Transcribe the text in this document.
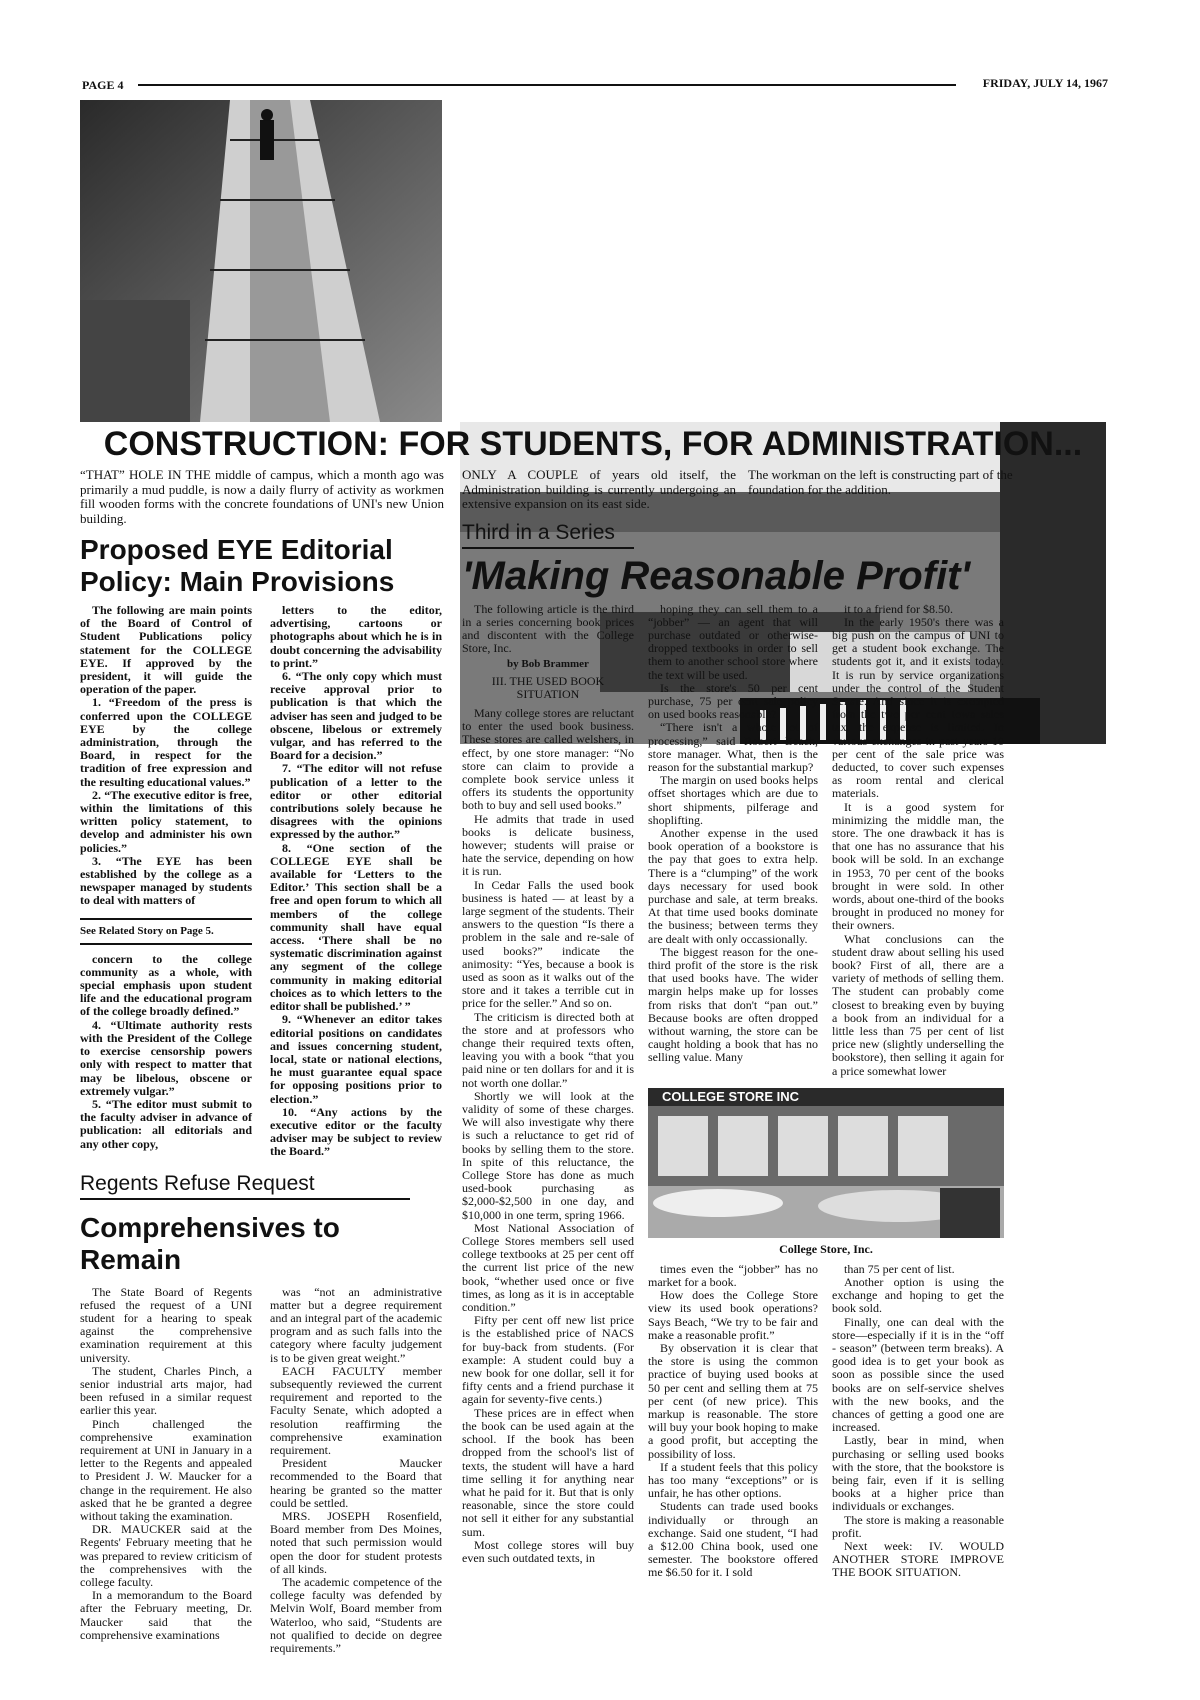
PAGE 4	FRIDAY, JULY 14, 1967
CONSTRUCTION: FOR STUDENTS, FOR ADMINISTRATION...
“THAT” HOLE IN THE middle of campus, which a month ago was primarily a mud puddle, is now a daily flurry of activity as workmen fill wooden forms with the concrete foundations of UNI's new Union building.
Proposed EYE Editorial Policy: Main Provisions

The following are main points of the Board of Control of Student Publications policy statement for the COLLEGE EYE. If approved by the president, it will guide the operation of the paper.

1. “Freedom of the press is conferred upon the COLLEGE EYE by the college administration, through the Board, in respect for the tradition of free expression and the resulting educational values.”

2. “The executive editor is free, within the limitations of this written policy statement, to develop and administer his own policies.”

3. “The EYE has been established by the college as a newspaper managed by students to deal with matters of

See Related Story on Page 5.

concern to the college community as a whole, with special emphasis upon student life and the educational program of the college broadly defined.”

4. “Ultimate authority rests with the President of the College to exercise censorship powers only with respect to matter that may be libelous, obscene or extremely vulgar.”

5. “The editor must submit to the faculty adviser in advance of publication: all editorials and any other copy,

letters to the editor, advertising, cartoons or photographs about which he is in doubt concerning the advisability to print.”

6. “The only copy which must receive approval prior to publication is that which the adviser has seen and judged to be obscene, libelous or extremely vulgar, and has referred to the Board for a decision.”

7. “The editor will not refuse publication of a letter to the editor or other editorial contributions solely because he disagrees with the opinions expressed by the author.”

8. “One section of the COLLEGE EYE shall be available for ‘Letters to the Editor.’ This section shall be a free and open forum to which all members of the college community shall have equal access. ‘There shall be no systematic discrimination against any segment of the college community in making editorial choices as to which letters to the editor shall be published.’ ”

9. “Whenever an editor takes editorial positions on candidates and issues concerning student, local, state or national elections, he must guarantee equal space for opposing positions prior to election.”

10. “Any actions by the executive editor or the faculty adviser may be subject to review the Board.”

Regents Refuse Request
Comprehensives to Remain

The State Board of Regents refused the request of a UNI student for a hearing to speak against the comprehensive examination requirement at this university.

The student, Charles Pinch, a senior industrial arts major, had been refused in a similar request earlier this year.

Pinch challenged the comprehensive examination requirement at UNI in January in a letter to the Regents and appealed to President J. W. Maucker for a change in the requirement. He also asked that he be granted a degree without taking the examination.

DR. MAUCKER said at the Regents' February meeting that he was prepared to review criticism of the comprehensives with the college faculty.

In a memorandum to the Board after the February meeting, Dr. Maucker said that the comprehensive examinations

was “not an administrative matter but a degree requirement and an integral part of the academic program and as such falls into the category where faculty judgement is to be given great weight.”

EACH FACULTY member subsequently reviewed the current requirement and reported to the Faculty Senate, which adopted a resolution reaffirming the comprehensive examination requirement.

President Maucker recommended to the Board that hearing be granted so the matter could be settled.

MRS. JOSEPH Rosenfield, Board member from Des Moines, noted that such permission would open the door for student protests of all kinds.

The academic competence of the college faculty was defended by Melvin Wolf, Board member from Waterloo, who said, “Students are not qualified to decide on degree requirements.”

ONLY A COUPLE of years old itself, the Administration building is currently undergoing an extensive expansion on its east side.
The workman on the left is constructing part of the foundation for the addition.
Third in a Series
'Making Reasonable Profit'

The following article is the third in a series concerning book prices and discontent with the College Store, Inc.

by Bob Brammer
III. THE USED BOOK SITUATION

Many college stores are reluctant to enter the used book business. These stores are called welshers, in effect, by one store manager: “No store can claim to provide a complete book service unless it offers its students the opportunity both to buy and sell used books.”

He admits that trade in used books is delicate business, however; students will praise or hate the service, depending on how it is run.

In Cedar Falls the used book business is hated — at least by a large segment of the students. Their answers to the question “Is there a problem in the sale and re-sale of used books?” indicate the animosity: “Yes, because a book is used as soon as it walks out of the store and it takes a terrible cut in price for the seller.” And so on.

The criticism is directed both at the store and at professors who change their required texts often, leaving you with a book “that you paid nine or ten dollars for and it is not worth one dollar.”

Shortly we will look at the validity of some of these charges. We will also investigate why there is such a reluctance to get rid of books by selling them to the store. In spite of this reluctance, the College Store has done as much used-book purchasing as $2,000-$2,500 in one day, and $10,000 in one term, spring 1966.

Most National Association of College Stores members sell used college textbooks at 25 per cent off the current list price of the new book, “whether used once or five times, as long as it is in acceptable condition.”

Fifty per cent off new list price is the established price of NACS for buy-back from students. (For example: A student could buy a new book for one dollar, sell it for fifty cents and a friend purchase it again for seventy-five cents.)

These prices are in effect when the book can be used again at the school. If the book has been dropped from the school's list of texts, the student will have a hard time selling it for anything near what he paid for it. But that is only reasonable, since the store could not sell it either for any substantial sum.

Most college stores will buy even such outdated texts, in

hoping they can sell them to a “jobber” — an agent that will purchase outdated or otherwise-dropped textbooks in order to sell them to another school store where the text will be used.

Is the store's 50 per cent purchase, 75 per cent sale policy on used books reasonable?

“There isn't a whole lot of processing,” said Robert Beach, store manager. What, then is the reason for the substantial markup?

The margin on used books helps offset shortages which are due to short shipments, pilferage and shoplifting.

Another expense in the used book operation of a bookstore is the pay that goes to extra help. There is a “clumping” of the work days necessary for used book purchase and sale, at term breaks. At that time used books dominate the business; between terms they are dealt with only occassionally.

The biggest reason for the one-third profit of the store is the risk that used books have. The wider margin helps make up for losses from risks that don't “pan out.” Because books are often dropped without warning, the store can be caught holding a book that has no selling value. Many

it to a friend for $8.50.

In the early 1950's there was a big push on the campus of UNI to get a student book exchange. The students got it, and it exists today. It is run by service organizations under the control of the Student Senate. And since it is exempted from the two per cent Iowa sales tax, the expense is limited. In various exchanges in past years 10 per cent of the sale price was deducted, to cover such expenses as room rental and clerical materials.

It is a good system for minimizing the middle man, the store. The one drawback it has is that one has no assurance that his book will be sold. In an exchange in 1953, 70 per cent of the books brought in were sold. In other words, about one-third of the books brought in produced no money for their owners.

What conclusions can the student draw about selling his used book? First of all, there are a variety of methods of selling them. The student can probably come closest to breaking even by buying a book from an individual for a little less than 75 per cent of list price new (slightly underselling the bookstore), then selling it again for a price somewhat lower

COLLEGE STORE INC
College Store, Inc.

times even the “jobber” has no market for a book.

How does the College Store view its used book operations? Says Beach, “We try to be fair and make a reasonable profit.”

By observation it is clear that the store is using the common practice of buying used books at 50 per cent and selling them at 75 per cent (of new price). This markup is reasonable. The store will buy your book hoping to make a good profit, but accepting the possibility of loss.

If a student feels that this policy has too many “exceptions” or is unfair, he has other options.

Students can trade used books individually or through an exchange. Said one student, “I had a $12.00 China book, used one semester. The bookstore offered me $6.50 for it. I sold

than 75 per cent of list.

Another option is using the exchange and hoping to get the book sold.

Finally, one can deal with the store—especially if it is in the “off - season” (between term breaks). A good idea is to get your book as soon as possible since the used books are on self-service shelves with the new books, and the chances of getting a good one are increased.

Lastly, bear in mind, when purchasing or selling used books with the store, that the bookstore is being fair, even if it is selling books at a higher price than individuals or exchanges.

The store is making a reasonable profit.

Next week: IV. WOULD ANOTHER STORE IMPROVE THE BOOK SITUATION.
